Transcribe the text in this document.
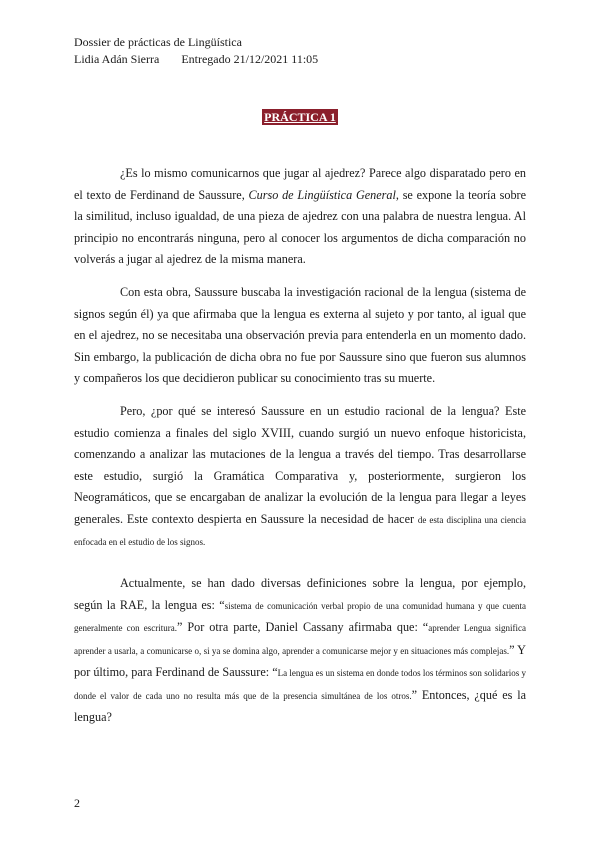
Dossier de prácticas de Lingüística
Lidia Adán Sierra Entregado 21/12/2021 11:05
PRÁCTICA 1

¿Es lo mismo comunicarnos que jugar al ajedrez? Parece algo disparatado pero en el texto de Ferdinand de Saussure, Curso de Lingüística General, se expone la teoría sobre la similitud, incluso igualdad, de una pieza de ajedrez con una palabra de nuestra lengua. Al principio no encontrarás ninguna, pero al conocer los argumentos de dicha comparación no volverás a jugar al ajedrez de la misma manera.

Con esta obra, Saussure buscaba la investigación racional de la lengua (sistema de signos según él) ya que afirmaba que la lengua es externa al sujeto y por tanto, al igual que en el ajedrez, no se necesitaba una observación previa para entenderla en un momento dado. Sin embargo, la publicación de dicha obra no fue por Saussure sino que fueron sus alumnos y compañeros los que decidieron publicar su conocimiento tras su muerte.

Pero, ¿por qué se interesó Saussure en un estudio racional de la lengua? Este estudio comienza a finales del siglo XVIII, cuando surgió un nuevo enfoque historicista, comenzando a analizar las mutaciones de la lengua a través del tiempo. Tras desarrollarse este estudio, surgió la Gramática Comparativa y, posteriormente, surgieron los Neogramáticos, que se encargaban de analizar la evolución de la lengua para llegar a leyes generales. Este contexto despierta en Saussure la necesidad de hacer de esta disciplina una ciencia enfocada en el estudio de los signos.

Actualmente, se han dado diversas definiciones sobre la lengua, por ejemplo, según la RAE, la lengua es: “sistema de comunicación verbal propio de una comunidad humana y que cuenta generalmente con escritura.” Por otra parte, Daniel Cassany afirmaba que: “aprender Lengua significa aprender a usarla, a comunicarse o, si ya se domina algo, aprender a comunicarse mejor y en situaciones más complejas.” Y por último, para Ferdinand de Saussure: “La lengua es un sistema en donde todos los términos son solidarios y donde el valor de cada uno no resulta más que de la presencia simultánea de los otros.” Entonces, ¿qué es la lengua?

2
